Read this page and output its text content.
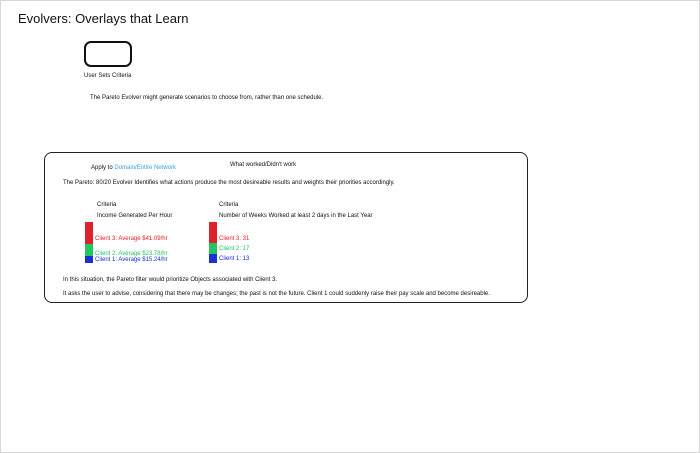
Evolvers: Overlays that Learn
User Sets Criteria
The Pareto Evolver might generate scenarios to choose from, rather than one schedule.
Apply to Domain/Entire Network	What worked/Didn't work
The Pareto: 80/20 Evolver Identifies what actions produce the most desireable results and weights their priorities accordingly.
Criteria
Income Generated Per Hour
Client 3: Average $41.09/hr
Client 2: Average $23.78/hr
Client 1: Average $15.24/hr
Criteria
Number of Weeks Worked at least 2 days in the Last Year
Client 3: 31
Client 2: 17
Client 1: 13
In this situation, the Pareto filter would prioritize Objects associated with Client 3.
It asks the user to advise, considering that there may be changes; the past is not the future. Client 1 could suddenly raise their pay scale and become desireable.
